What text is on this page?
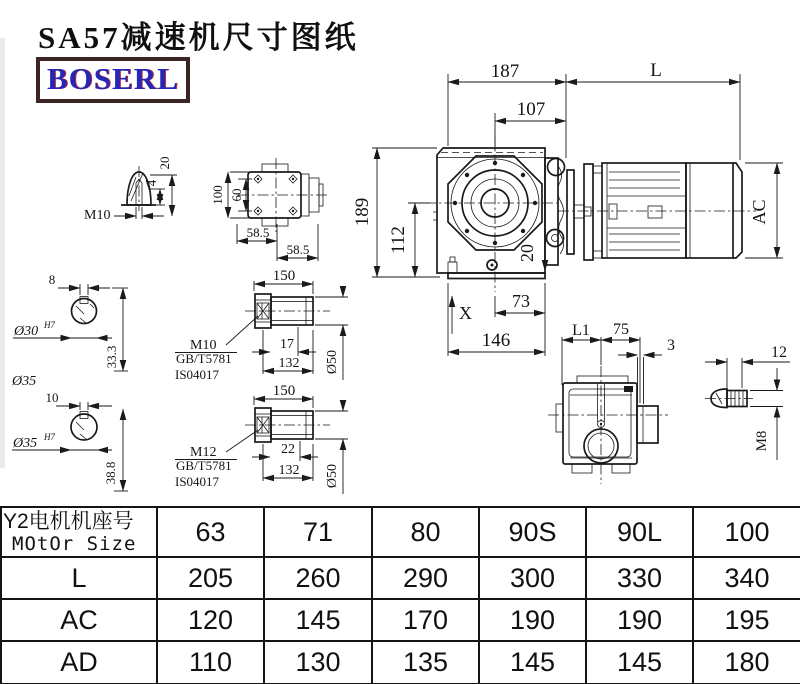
SA57减速机尺寸图纸
BOSERL
M10
4
20
100 60
58.5
58.5
8
Ø30 H7
33.3
Ø35
10
Ø35 H7
38.8
150
M10
GB/T5781
IS04017
17
132 Ø50
150
M12
GB/T5781
IS04017
22
132 Ø50
187	L
107
20
189
112
X
73
146
AC
L1 75
3	12
M8
Y2电机机座号
MOtOr Size	63	71	80	90S	90L	100
L	205	260	290	300	330	340
AC	120	145	170	190	190	195
AD	110	130	135	145	145	180
